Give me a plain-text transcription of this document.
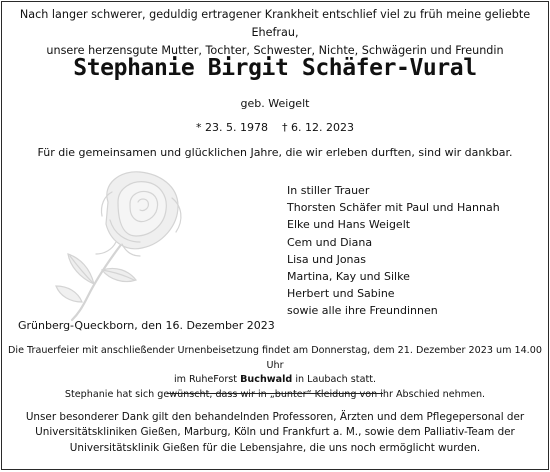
Nach langer schwerer, geduldig ertragener Krankheit entschlief viel zu früh meine geliebte Ehefrau,
unsere herzensgute Mutter, Tochter, Schwester, Nichte, Schwägerin und Freundin
Stephanie Birgit Schäfer-Vural
geb. Weigelt
* 23. 5. 1978 † 6. 12. 2023
Für die gemeinsamen und glücklichen Jahre, die wir erleben durften, sind wir dankbar.
In stiller Trauer
Thorsten Schäfer mit Paul und Hannah
Elke und Hans Weigelt
Cem und Diana
Lisa und Jonas
Martina, Kay und Silke
Herbert und Sabine
sowie alle ihre Freundinnen
Grünberg-Queckborn, den 16. Dezember 2023
Die Trauerfeier mit anschließender Urnenbeisetzung findet am Donnerstag, dem 21. Dezember 2023 um 14.00 Uhr
im RuheForst Buchwald in Laubach statt.
Stephanie hat sich gewünscht, dass wir in „bunter“ Kleidung von ihr Abschied nehmen.
Unser besonderer Dank gilt den behandelnden Professoren, Ärzten und dem Pflegepersonal der
Universitätskliniken Gießen, Marburg, Köln und Frankfurt a. M., sowie dem Palliativ-Team der
Universitätsklinik Gießen für die Lebensjahre, die uns noch ermöglicht wurden.
